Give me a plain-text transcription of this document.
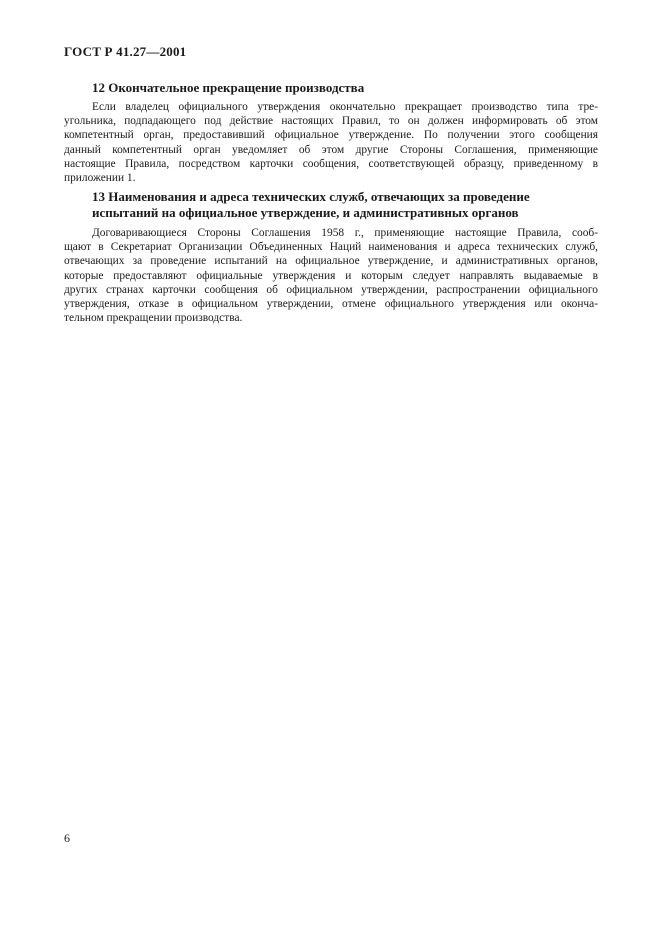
ГОСТ Р 41.27—2001
12 Окончательное прекращение производства
Если владелец официального утверждения окончательно прекращает производство типа тре-
угольника, подпадающего под действие настоящих Правил, то он должен информировать об этом
компетентный орган, предоставивший официальное утверждение. По получении этого сообщения
данный компетентный орган уведомляет об этом другие Стороны Соглашения, применяющие
настоящие Правила, посредством карточки сообщения, соответствующей образцу, приведенному в
приложении 1.
13 Наименования и адреса технических служб, отвечающих за проведение
испытаний на официальное утверждение, и административных органов
Договаривающиеся Стороны Соглашения 1958 г., применяющие настоящие Правила, сооб-
щают в Секретариат Организации Объединенных Наций наименования и адреса технических служб,
отвечающих за проведение испытаний на официальное утверждение, и административных органов,
которые предоставляют официальные утверждения и которым следует направлять выдаваемые в
других странах карточки сообщения об официальном утверждении, распространении официального
утверждения, отказе в официальном утверждении, отмене официального утверждения или оконча-
тельном прекращении производства.
6
